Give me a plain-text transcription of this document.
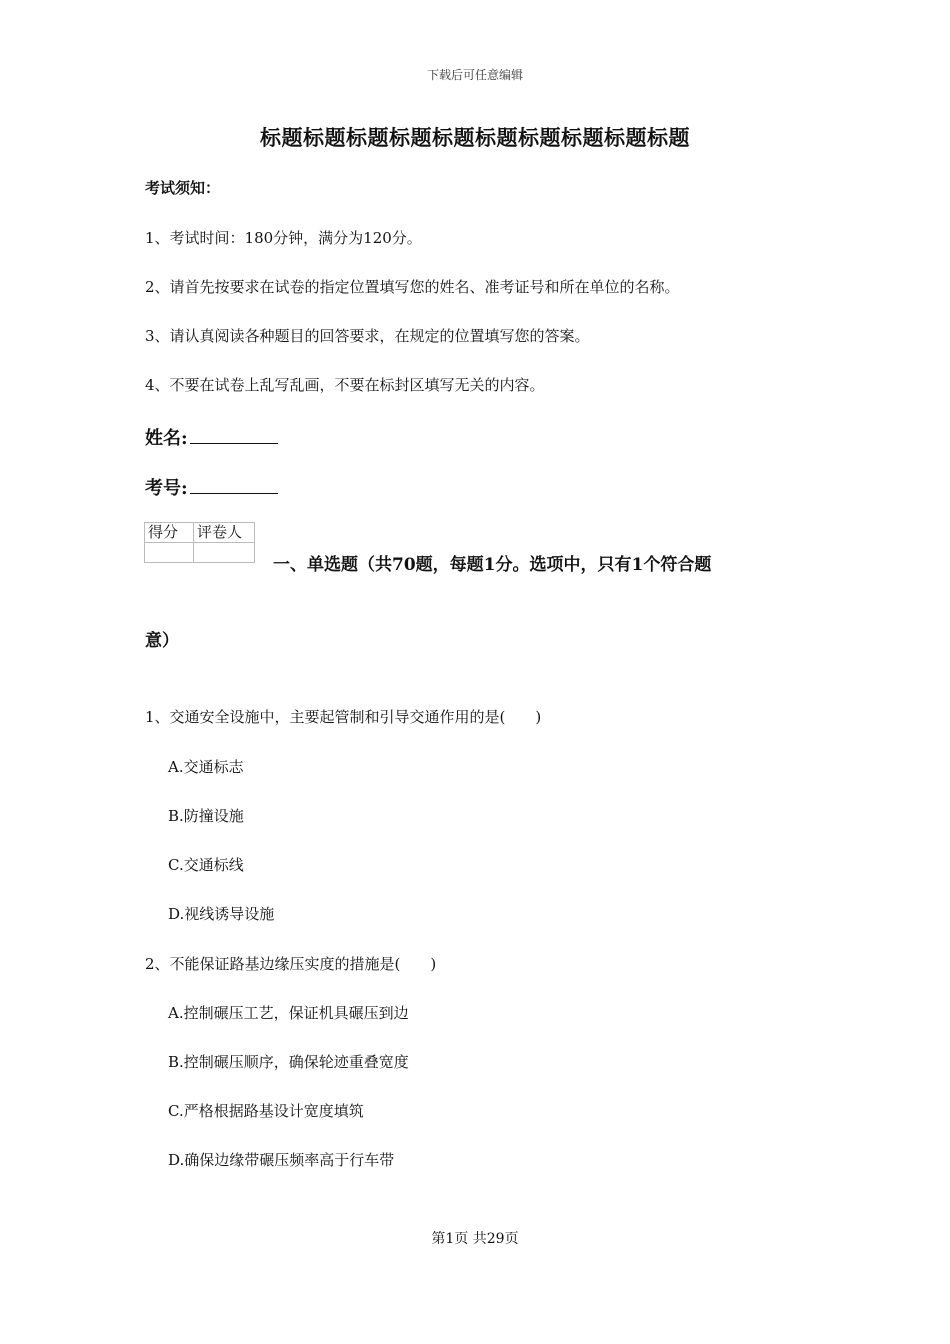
下载后可任意编辑
标题标题标题标题标题标题标题标题标题标题
考试须知：
1、考试时间：180分钟，满分为120分。
2、请首先按要求在试卷的指定位置填写您的姓名、准考证号和所在单位的名称。
3、请认真阅读各种题目的回答要求，在规定的位置填写您的答案。
4、不要在试卷上乱写乱画，不要在标封区填写无关的内容。
姓名:
考号:
得分	评卷人

一、单选题（共70题，每题1分。选项中，只有1个符合题
意）
1、交通安全设施中，主要起管制和引导交通作用的是(　　)
A.交通标志
B.防撞设施
C.交通标线
D.视线诱导设施
2、不能保证路基边缘压实度的措施是(　　)
A.控制碾压工艺，保证机具碾压到边
B.控制碾压顺序，确保轮迹重叠宽度
C.严格根据路基设计宽度填筑
D.确保边缘带碾压频率高于行车带
第1页 共29页
